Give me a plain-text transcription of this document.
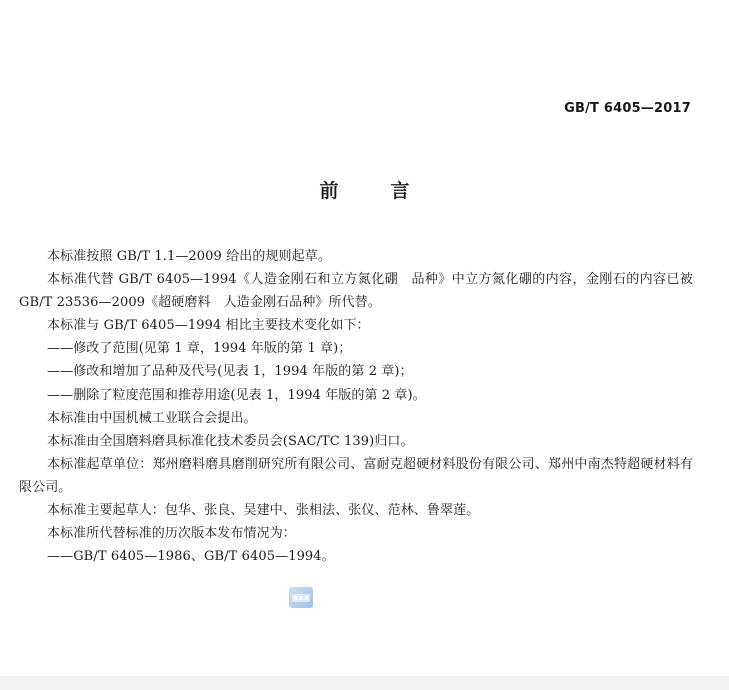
GB/T 6405—2017
前	言

本标准按照 GB/T 1.1—2009 给出的规则起草。

本标准代替 GB/T 6405—1994《人造金刚石和立方氮化硼　品种》中立方氮化硼的内容，金刚石的内容已被 GB/T 23536—2009《超硬磨料　人造金刚石品种》所代替。

本标准与 GB/T 6405—1994 相比主要技术变化如下：

——修改了范围(见第 1 章，1994 年版的第 1 章)；

——修改和增加了品种及代号(见表 1，1994 年版的第 2 章)；

——删除了粒度范围和推荐用途(见表 1，1994 年版的第 2 章)。

本标准由中国机械工业联合会提出。

本标准由全国磨料磨具标准化技术委员会(SAC/TC 139)归口。

本标准起草单位：郑州磨料磨具磨削研究所有限公司、富耐克超硬材料股份有限公司、郑州中南杰特超硬材料有限公司。

本标准主要起草人：包华、张良、吴建中、张相法、张仪、范林、鲁翠莲。

本标准所代替标准的历次版本发布情况为：

——GB/T 6405—1986、GB/T 6405—1994。
